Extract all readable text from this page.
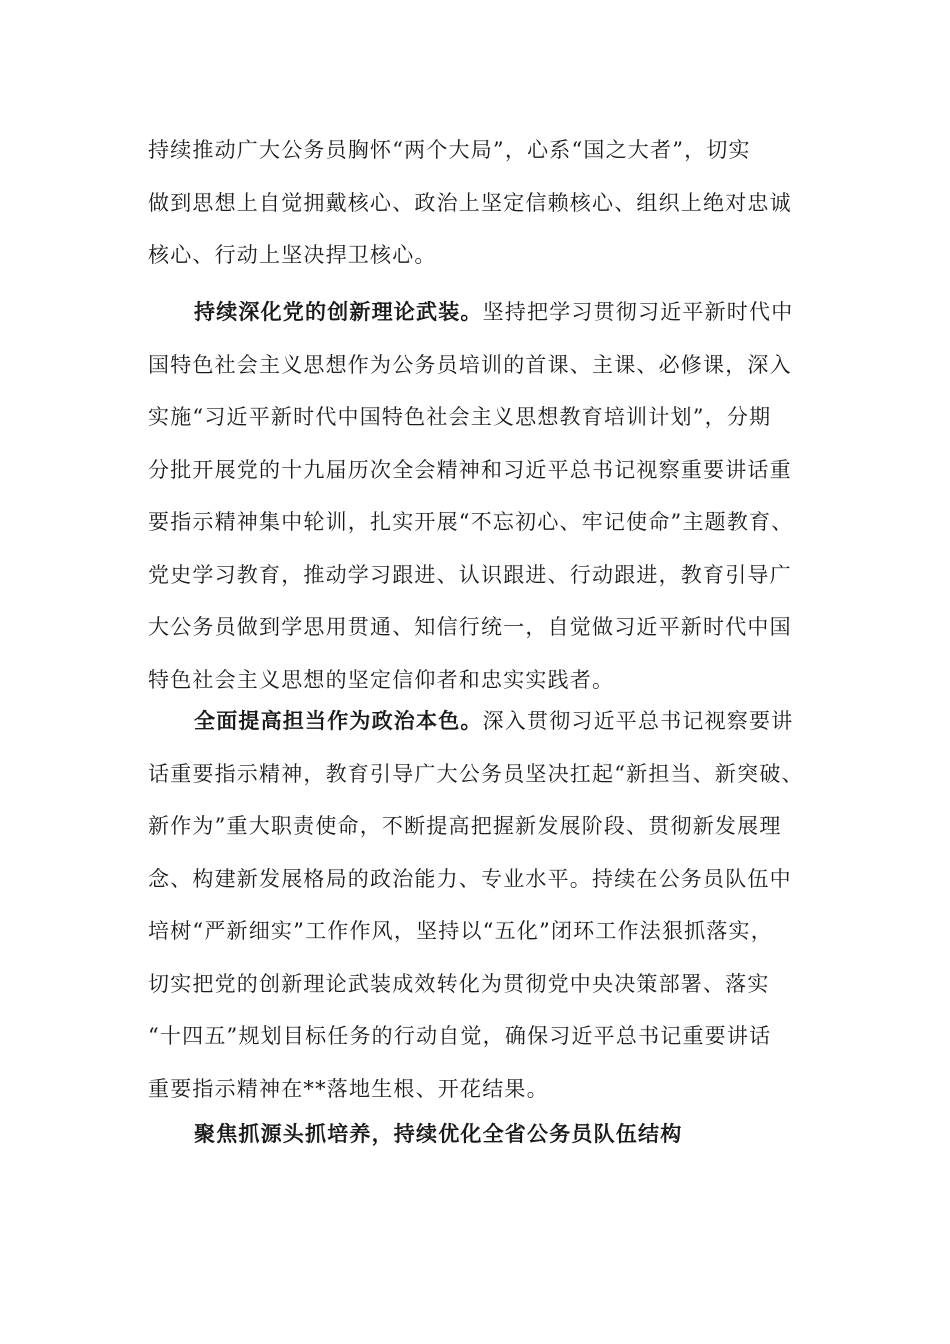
持续推动广大公务员胸怀“两个大局”，心系“国之大者”，切实
做到思想上自觉拥戴核心、政治上坚定信赖核心、组织上绝对忠诚
核心、行动上坚决捍卫核心。
持续深化党的创新理论武装。坚持把学习贯彻习近平新时代中
国特色社会主义思想作为公务员培训的首课、主课、必修课，深入
实施“习近平新时代中国特色社会主义思想教育培训计划”，分期
分批开展党的十九届历次全会精神和习近平总书记视察重要讲话重
要指示精神集中轮训，扎实开展“不忘初心、牢记使命”主题教育、
党史学习教育，推动学习跟进、认识跟进、行动跟进，教育引导广
大公务员做到学思用贯通、知信行统一，自觉做习近平新时代中国
特色社会主义思想的坚定信仰者和忠实实践者。
全面提高担当作为政治本色。深入贯彻习近平总书记视察要讲
话重要指示精神，教育引导广大公务员坚决扛起“新担当、新突破、
新作为”重大职责使命，不断提高把握新发展阶段、贯彻新发展理
念、构建新发展格局的政治能力、专业水平。持续在公务员队伍中
培树“严新细实”工作作风，坚持以“五化”闭环工作法狠抓落实，
切实把党的创新理论武装成效转化为贯彻党中央决策部署、落实
“十四五”规划目标任务的行动自觉，确保习近平总书记重要讲话
重要指示精神在**落地生根、开花结果。
聚焦抓源头抓培养，持续优化全省公务员队伍结构
